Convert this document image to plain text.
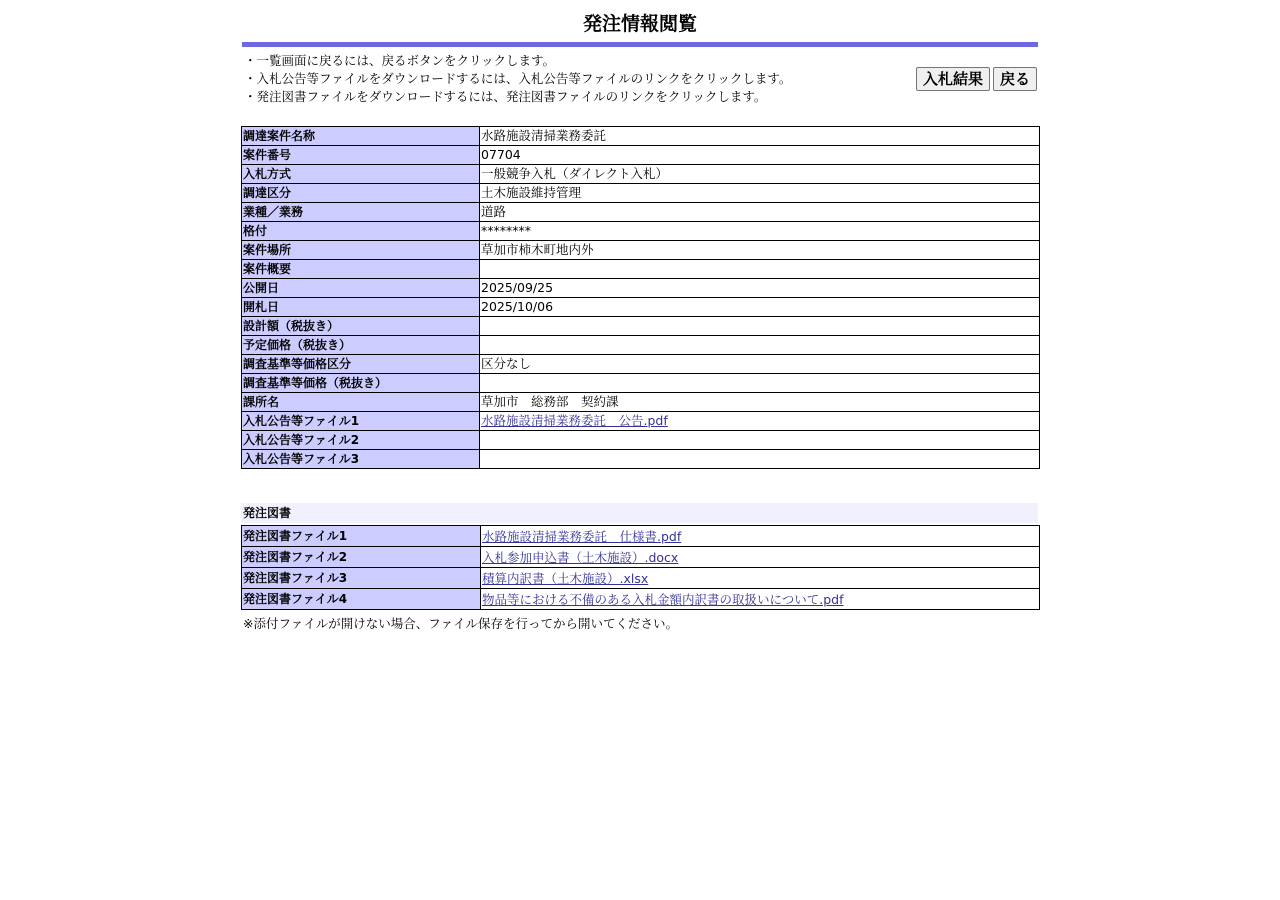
発注情報閲覧
・一覧画面に戻るには、戻るボタンをクリックします。
・入札公告等ファイルをダウンロードするには、入札公告等ファイルのリンクをクリックします。
・発注図書ファイルをダウンロードするには、発注図書ファイルのリンクをクリックします。
入札結果	戻る
調達案件名称	水路施設清掃業務委託
案件番号	07704
入札方式	一般競争入札（ダイレクト入札）
調達区分	土木施設維持管理
業種／業務	道路
格付	********
案件場所	草加市柿木町地内外
案件概要	
公開日	2025/09/25
開札日	2025/10/06
設計額（税抜き）	
予定価格（税抜き）	
調査基準等価格区分	区分なし
調査基準等価格（税抜き）	
課所名	草加市　総務部　契約課
入札公告等ファイル1	水路施設清掃業務委託　公告.pdf
入札公告等ファイル2	
入札公告等ファイル3	
発注図書
発注図書ファイル1	水路施設清掃業務委託　仕様書.pdf
発注図書ファイル2	入札参加申込書（土木施設）.docx
発注図書ファイル3	積算内訳書（土木施設）.xlsx
発注図書ファイル4	物品等における不備のある入札金額内訳書の取扱いについて.pdf
※添付ファイルが開けない場合、ファイル保存を行ってから開いてください。
